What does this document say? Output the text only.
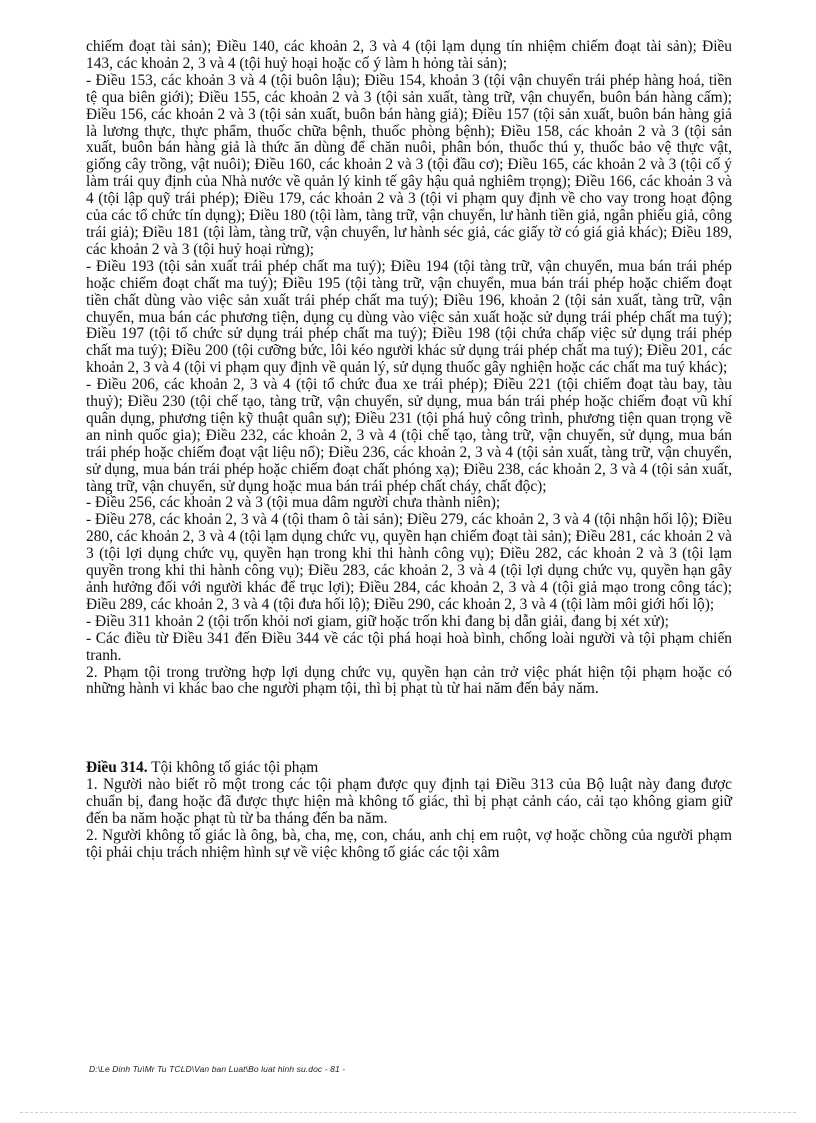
chiếm đoạt tài sản); Điều 140, các khoản 2, 3 và 4 (tội lạm dụng tín nhiệm chiếm đoạt tài sản); Điều 143, các khoản 2, 3 và 4 (tội huỷ hoại hoặc cố ý làm h hỏng tài sản);

- Điều 153, các khoản 3 và 4 (tội buôn lậu); Điều 154, khoản 3 (tội vận chuyển trái phép hàng hoá, tiền tệ qua biên giới); Điều 155, các khoản 2 và 3 (tội sản xuất, tàng trữ, vận chuyển, buôn bán hàng cấm); Điều 156, các khoản 2 và 3 (tội sản xuất, buôn bán hàng giả); Điều 157 (tội sản xuất, buôn bán hàng giả là lương thực, thực phẩm, thuốc chữa bệnh, thuốc phòng bệnh); Điều 158, các khoản 2 và 3 (tội sản xuất, buôn bán hàng giả là thức ăn dùng để chăn nuôi, phân bón, thuốc thú y, thuốc bảo vệ thực vật, giống cây trồng, vật nuôi); Điều 160, các khoản 2 và 3 (tội đầu cơ); Điều 165, các khoản 2 và 3 (tội cố ý làm trái quy định của Nhà nước về quản lý kinh tế gây hậu quả nghiêm trọng); Điều 166, các khoản 3 và 4 (tội lập quỹ trái phép); Điều 179, các khoản 2 và 3 (tội vi phạm quy định về cho vay trong hoạt động của các tổ chức tín dụng); Điều 180 (tội làm, tàng trữ, vận chuyển, lư hành tiền giả, ngân phiếu giả, công trái giả); Điều 181 (tội làm, tàng trữ, vận chuyển, lư hành séc giả, các giấy tờ có giá giả khác); Điều 189, các khoản 2 và 3 (tội huỷ hoại rừng);

- Điều 193 (tội sản xuất trái phép chất ma tuý); Điều 194 (tội tàng trữ, vận chuyển, mua bán trái phép hoặc chiếm đoạt chất ma tuý); Điều 195 (tội tàng trữ, vận chuyển, mua bán trái phép hoặc chiếm đoạt tiền chất dùng vào việc sản xuất trái phép chất ma tuý); Điều 196, khoản 2 (tội sản xuất, tàng trữ, vận chuyển, mua bán các phương tiện, dụng cụ dùng vào việc sản xuất hoặc sử dụng trái phép chất ma tuý); Điều 197 (tội tổ chức sử dụng trái phép chất ma tuý); Điều 198 (tội chứa chấp việc sử dụng trái phép chất ma tuý); Điều 200 (tội cưỡng bức, lôi kéo người khác sử dụng trái phép chất ma tuý); Điều 201, các khoản 2, 3 và 4 (tội vi phạm quy định về quản lý, sử dụng thuốc gây nghiện hoặc các chất ma tuý khác);

- Điều 206, các khoản 2, 3 và 4 (tội tổ chức đua xe trái phép); Điều 221 (tội chiếm đoạt tàu bay, tàu thuỷ); Điều 230 (tội chế tạo, tàng trữ, vận chuyển, sử dụng, mua bán trái phép hoặc chiếm đoạt vũ khí quân dụng, phương tiện kỹ thuật quân sự); Điều 231 (tội phá huỷ công trình, phương tiện quan trọng về an ninh quốc gia); Điều 232, các khoản 2, 3 và 4 (tội chế tạo, tàng trữ, vận chuyển, sử dụng, mua bán trái phép hoặc chiếm đoạt vật liệu nổ); Điều 236, các khoản 2, 3 và 4 (tội sản xuất, tàng trữ, vận chuyển, sử dụng, mua bán trái phép hoặc chiếm đoạt chất phóng xạ); Điều 238, các khoản 2, 3 và 4 (tội sản xuất, tàng trữ, vận chuyển, sử dụng hoặc mua bán trái phép chất cháy, chất độc);

- Điều 256, các khoản 2 và 3 (tội mua dâm người chưa thành niên);

- Điều 278, các khoản 2, 3 và 4 (tội tham ô tài sản); Điều 279, các khoản 2, 3 và 4 (tội nhận hối lộ); Điều 280, các khoản 2, 3 và 4 (tội lạm dụng chức vụ, quyền hạn chiếm đoạt tài sản); Điều 281, các khoản 2 và 3 (tội lợi dụng chức vụ, quyền hạn trong khi thi hành công vụ); Điều 282, các khoản 2 và 3 (tội lạm quyền trong khi thi hành công vụ); Điều 283, các khoản 2, 3 và 4 (tội lợi dụng chức vụ, quyền hạn gây ảnh hưởng đối với người khác để trục lợi); Điều 284, các khoản 2, 3 và 4 (tội giả mạo trong công tác); Điều 289, các khoản 2, 3 và 4 (tội đưa hối lộ); Điều 290, các khoản 2, 3 và 4 (tội làm môi giới hối lộ);

- Điều 311 khoản 2 (tội trốn khỏi nơi giam, giữ hoặc trốn khi đang bị dẫn giải, đang bị xét xử);

- Các điều từ Điều 341 đến Điều 344 về các tội phá hoại hoà bình, chống loài người và tội phạm chiến tranh.

2. Phạm tội trong trường hợp lợi dụng chức vụ, quyền hạn cản trở việc phát hiện tội phạm hoặc có những hành vi khác bao che người phạm tội, thì bị phạt tù từ hai năm đến bảy năm.

Điều 314. Tội không tố giác tội phạm

1. Người nào biết rõ một trong các tội phạm được quy định tại Điều 313 của Bộ luật này đang được chuẩn bị, đang hoặc đã được thực hiện mà không tố giác, thì bị phạt cảnh cáo, cải tạo không giam giữ đến ba năm hoặc phạt tù từ ba tháng đến ba năm.

2. Người không tố giác là ông, bà, cha, mẹ, con, cháu, anh chị em ruột, vợ hoặc chồng của người phạm tội phải chịu trách nhiệm hình sự về việc không tố giác các tội xâm

D:\Le Dinh Tu\Mr Tu TCLD\Van ban Luat\Bo luat hinh su.doc - 81 -
